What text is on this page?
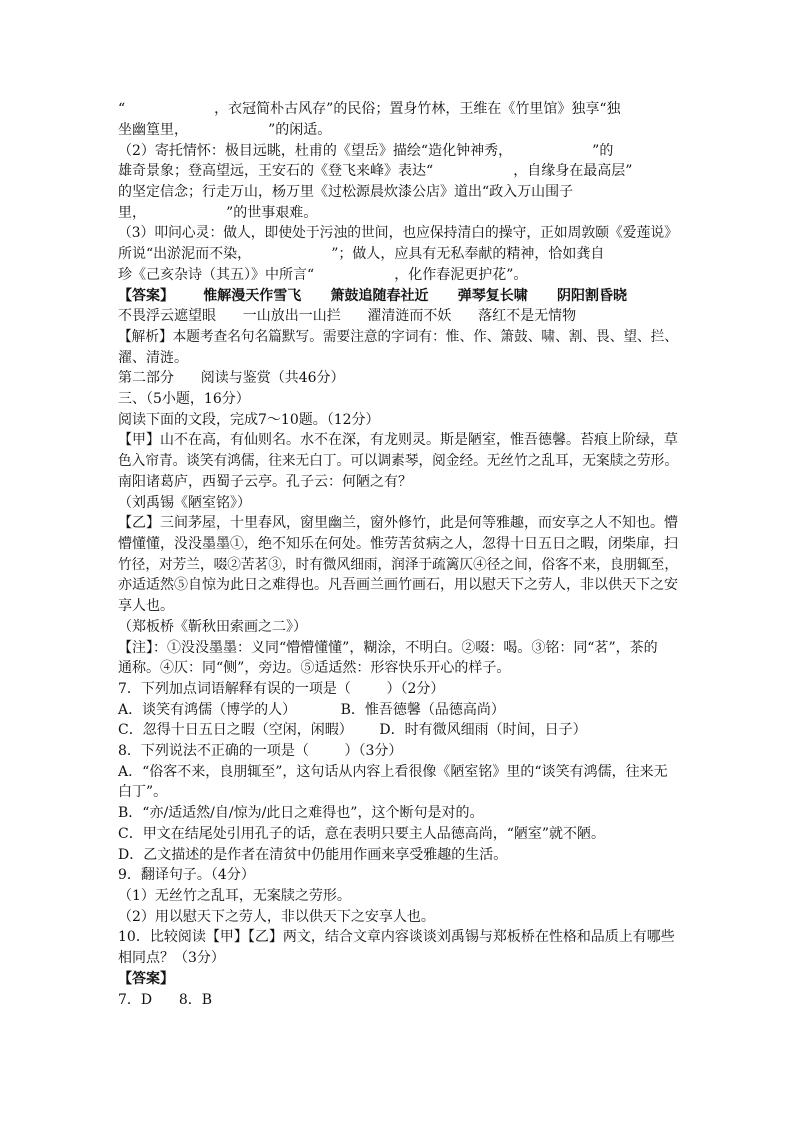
“                    ，衣冠简朴古风存”的民俗；置身竹林，王维在《竹里馆》独享“独
坐幽篁里，                  ”的闲适。
（2）寄托情怀：极目远眺，杜甫的《望岳》描绘“造化钟神秀，                  ”的
雄奇景象；登高望远，王安石的《登飞来峰》表达“                  ，自缘身在最高层”
的坚定信念；行走万山，杨万里《过松源晨炊漆公店》道出“政入万山围子
里，                  ”的世事艰难。
（3）叩问心灵：做人，即使处于污浊的世间，也应保持清白的操守，正如周敦颐《爱莲说》
所说“出淤泥而不染，                  ”；做人，应具有无私奉献的精神，恰如龚自
珍《己亥杂诗（其五）》中所言“                  ，化作春泥更护花”。
【答案】      惟解漫天作雪飞      箫鼓追随春社近      弹琴复长啸      阴阳割昏晓
不畏浮云遮望眼      一山放出一山拦      濯清涟而不妖      落红不是无情物
【解析】本题考查名句名篇默写。需要注意的字词有：惟、作、箫鼓、啸、割、畏、望、拦、
濯、清涟。
第二部分      阅读与鉴赏（共46分）
三、（5小题，16分）
阅读下面的文段，完成7～10题。（12分）
【甲】山不在高，有仙则名。水不在深，有龙则灵。斯是陋室，惟吾德馨。苔痕上阶绿，草
色入帘青。谈笑有鸿儒，往来无白丁。可以调素琴，阅金经。无丝竹之乱耳，无案牍之劳形。
南阳诸葛庐，西蜀子云亭。孔子云：何陋之有？
（刘禹锡《陋室铭》）
【乙】三间茅屋，十里春风，窗里幽兰，窗外修竹，此是何等雅趣，而安享之人不知也。懵
懵懂懂，没没墨墨①，绝不知乐在何处。惟劳苦贫病之人，忽得十日五日之暇，闭柴扉，扫
竹径，对芳兰，啜②苦茗③，时有微风细雨，润泽于疏篱仄④径之间，俗客不来，良朋辄至，
亦适适然⑤自惊为此日之难得也。凡吾画兰画竹画石，用以慰天下之劳人，非以供天下之安
享人也。
（郑板桥《靳秋田索画之二》）
【注】：①没没墨墨：义同“懵懵懂懂”，糊涂，不明白。②啜：喝。③铭：同“茗”，茶的
通称。④仄：同“侧”，旁边。⑤适适然：形容快乐开心的样子。
7．下列加点词语解释有误的一项是（        ）（2分）
A．谈笑有鸿儒（博学的人）          B．惟吾德馨（品德高尚）
C．忽得十日五日之暇（空闲，闲暇）      D．时有微风细雨（时间，日子）
8．下列说法不正确的一项是（        ）（3分）
A．“俗客不来，良朋辄至”，这句话从内容上看很像《陋室铭》里的“谈笑有鸿儒，往来无
白丁”。
B．“亦/适适然/自/惊为/此日之难得也”，这个断句是对的。
C．甲文在结尾处引用孔子的话，意在表明只要主人品德高尚，“陋室”就不陋。
D．乙文描述的是作者在清贫中仍能用作画来享受雅趣的生活。
9．翻译句子。（4分）
（1）无丝竹之乱耳，无案牍之劳形。
（2）用以慰天下之劳人，非以供天下之安享人也。
10．比较阅读【甲】【乙】两文，结合文章内容谈谈刘禹锡与郑板桥在性格和品质上有哪些
相同点？（3分）
【答案】
7．D      8．B
